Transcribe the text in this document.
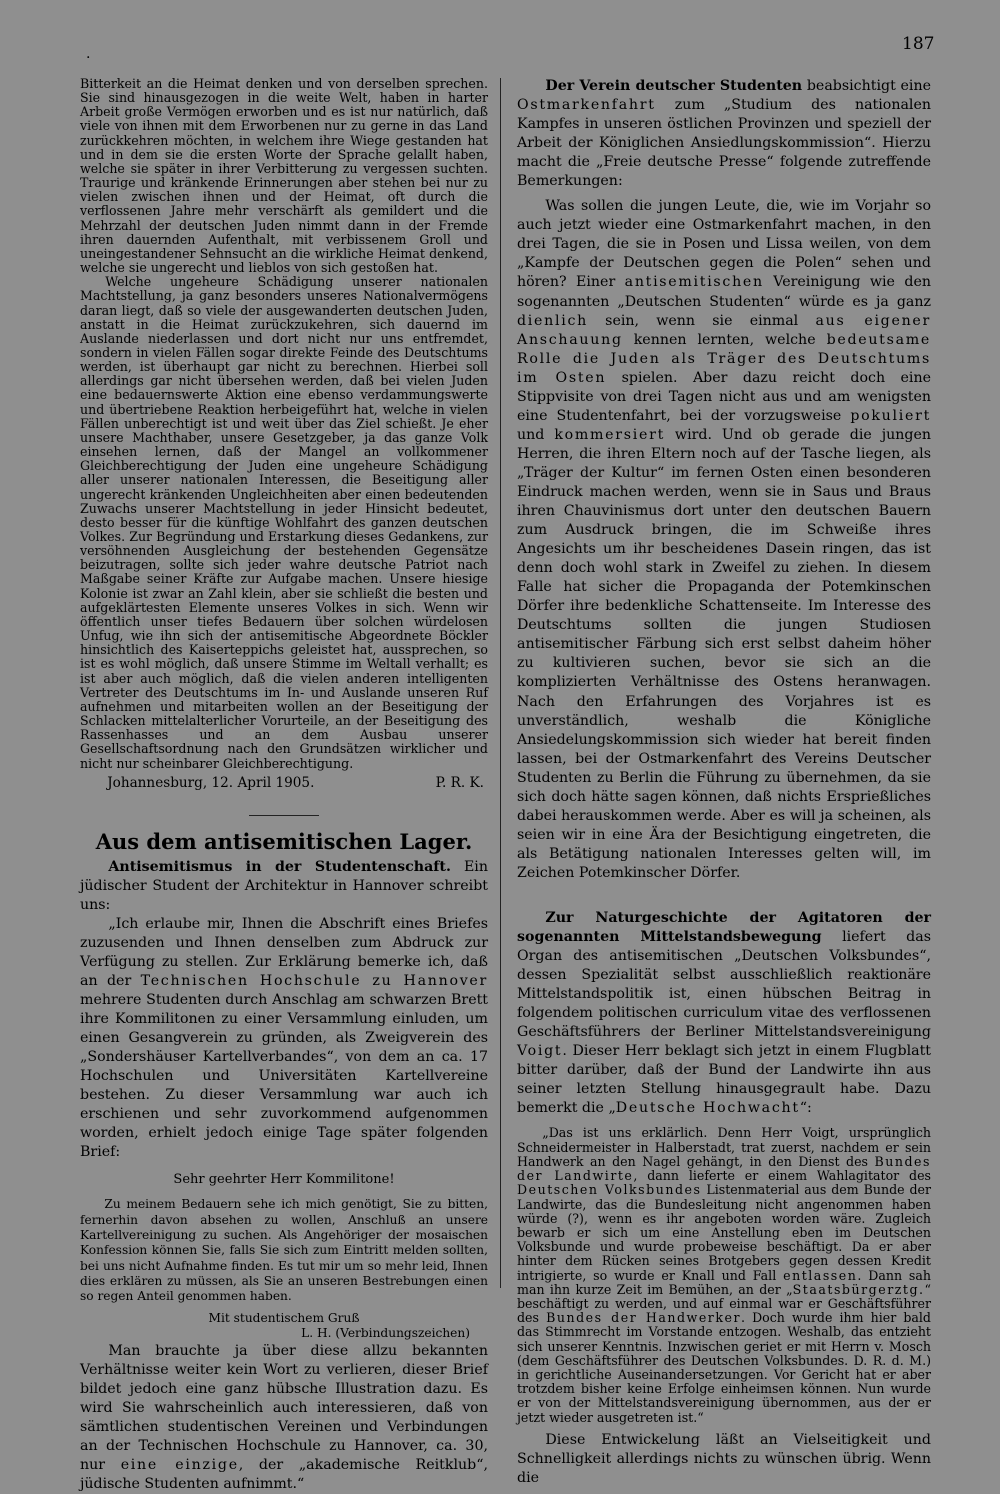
.	187

Bitterkeit an die Heimat denken und von derselben sprechen. Sie sind hinausgezogen in die weite Welt, haben in harter Arbeit große Vermögen erworben und es ist nur natürlich, daß viele von ihnen mit dem Erworbenen nur zu gerne in das Land zurückkehren möchten, in welchem ihre Wiege gestanden hat und in dem sie die ersten Worte der Sprache gelallt haben, welche sie später in ihrer Verbitterung zu vergessen suchten. Traurige und kränkende Erinnerungen aber stehen bei nur zu vielen zwischen ihnen und der Heimat, oft durch die verflossenen Jahre mehr verschärft als gemildert und die Mehrzahl der deutschen Juden nimmt dann in der Fremde ihren dauernden Aufenthalt, mit verbissenem Groll und uneingestandener Sehnsucht an die wirkliche Heimat denkend, welche sie ungerecht und lieblos von sich gestoßen hat.

Welche ungeheure Schädigung unserer nationalen Machtstellung, ja ganz besonders unseres Nationalvermögens daran liegt, daß so viele der ausgewanderten deutschen Juden, anstatt in die Heimat zurückzukehren, sich dauernd im Auslande niederlassen und dort nicht nur uns entfremdet, sondern in vielen Fällen sogar direkte Feinde des Deutschtums werden, ist überhaupt gar nicht zu berechnen. Hierbei soll allerdings gar nicht übersehen werden, daß bei vielen Juden eine bedauernswerte Aktion eine ebenso verdammungswerte und übertriebene Reaktion herbeigeführt hat, welche in vielen Fällen unberechtigt ist und weit über das Ziel schießt. Je eher unsere Machthaber, unsere Gesetzgeber, ja das ganze Volk einsehen lernen, daß der Mangel an vollkommener Gleichberechtigung der Juden eine ungeheure Schädigung aller unserer nationalen Interessen, die Beseitigung aller ungerecht kränkenden Ungleichheiten aber einen bedeutenden Zuwachs unserer Machtstellung in jeder Hinsicht bedeutet, desto besser für die künftige Wohlfahrt des ganzen deutschen Volkes. Zur Begründung und Erstarkung dieses Gedankens, zur versöhnenden Ausgleichung der bestehenden Gegensätze beizutragen, sollte sich jeder wahre deutsche Patriot nach Maßgabe seiner Kräfte zur Aufgabe machen. Unsere hiesige Kolonie ist zwar an Zahl klein, aber sie schließt die besten und aufgeklärtesten Elemente unseres Volkes in sich. Wenn wir öffentlich unser tiefes Bedauern über solchen würdelosen Unfug, wie ihn sich der antisemitische Abgeordnete Böckler hinsichtlich des Kaiserteppichs geleistet hat, aussprechen, so ist es wohl möglich, daß unsere Stimme im Weltall verhallt; es ist aber auch möglich, daß die vielen anderen intelligenten Vertreter des Deutschtums im In- und Auslande unseren Ruf aufnehmen und mitarbeiten wollen an der Beseitigung der Schlacken mittelalterlicher Vorurteile, an der Beseitigung des Rassenhasses und an dem Ausbau unserer Gesellschaftsordnung nach den Grundsätzen wirklicher und nicht nur scheinbarer Gleichberechtigung.

Johannesburg, 12. April 1905.	P. R. K.
Aus dem antisemitischen Lager.

Antisemitismus in der Studentenschaft. Ein jüdischer Student der Architektur in Hannover schreibt uns:

„Ich erlaube mir, Ihnen die Abschrift eines Briefes zuzusenden und Ihnen denselben zum Abdruck zur Verfügung zu stellen. Zur Erklärung bemerke ich, daß an der Technischen Hochschule zu Hannover mehrere Studenten durch Anschlag am schwarzen Brett ihre Kommilitonen zu einer Versammlung einluden, um einen Gesangverein zu gründen, als Zweigverein des „Sondershäuser Kartellverbandes“, von dem an ca. 17 Hochschulen und Universitäten Kartellvereine bestehen. Zu dieser Versammlung war auch ich erschienen und sehr zuvorkommend aufgenommen worden, erhielt jedoch einige Tage später folgenden Brief:

Sehr geehrter Herr Kommilitone!

Zu meinem Bedauern sehe ich mich genötigt, Sie zu bitten, fernerhin davon absehen zu wollen, Anschluß an unsere Kartellvereinigung zu suchen. Als Angehöriger der mosaischen Konfession können Sie, falls Sie sich zum Eintritt melden sollten, bei uns nicht Aufnahme finden. Es tut mir um so mehr leid, Ihnen dies erklären zu müssen, als Sie an unseren Bestrebungen einen so regen Anteil genommen haben.

Mit studentischem Gruß
L. H. (Verbindungszeichen)

Man brauchte ja über diese allzu bekannten Verhältnisse weiter kein Wort zu verlieren, dieser Brief bildet jedoch eine ganz hübsche Illustration dazu. Es wird Sie wahrscheinlich auch interessieren, daß von sämtlichen studentischen Vereinen und Verbindungen an der Technischen Hochschule zu Hannover, ca. 30, nur eine einzige, der „akademische Reitklub“, jüdische Studenten aufnimmt.“

Der Verein deutscher Studenten beabsichtigt eine Ostmarkenfahrt zum „Studium des nationalen Kampfes in unseren östlichen Provinzen und speziell der Arbeit der Königlichen Ansiedlungskommission“. Hierzu macht die „Freie deutsche Presse“ folgende zutreffende Bemerkungen:

Was sollen die jungen Leute, die, wie im Vorjahr so auch jetzt wieder eine Ostmarkenfahrt machen, in den drei Tagen, die sie in Posen und Lissa weilen, von dem „Kampfe der Deutschen gegen die Polen“ sehen und hören? Einer antisemitischen Vereinigung wie den sogenannten „Deutschen Studenten“ würde es ja ganz dienlich sein, wenn sie einmal aus eigener Anschauung kennen lernten, welche bedeutsame Rolle die Juden als Träger des Deutschtums im Osten spielen. Aber dazu reicht doch eine Stippvisite von drei Tagen nicht aus und am wenigsten eine Studentenfahrt, bei der vorzugsweise pokuliert und kommersiert wird. Und ob gerade die jungen Herren, die ihren Eltern noch auf der Tasche liegen, als „Träger der Kultur“ im fernen Osten einen besonderen Eindruck machen werden, wenn sie in Saus und Braus ihren Chauvinismus dort unter den deutschen Bauern zum Ausdruck bringen, die im Schweiße ihres Angesichts um ihr bescheidenes Dasein ringen, das ist denn doch wohl stark in Zweifel zu ziehen. In diesem Falle hat sicher die Propaganda der Potemkinschen Dörfer ihre bedenkliche Schattenseite. Im Interesse des Deutschtums sollten die jungen Studiosen antisemitischer Färbung sich erst selbst daheim höher zu kultivieren suchen, bevor sie sich an die komplizierten Verhältnisse des Ostens heranwagen. Nach den Erfahrungen des Vorjahres ist es unverständlich, weshalb die Königliche Ansiedelungskommission sich wieder hat bereit finden lassen, bei der Ostmarkenfahrt des Vereins Deutscher Studenten zu Berlin die Führung zu übernehmen, da sie sich doch hätte sagen können, daß nichts Ersprießliches dabei herauskommen werde. Aber es will ja scheinen, als seien wir in eine Ära der Besichtigung eingetreten, die als Betätigung nationalen Interesses gelten will, im Zeichen Potemkinscher Dörfer.

Zur Naturgeschichte der Agitatoren der sogenannten Mittelstandsbewegung liefert das Organ des antisemitischen „Deutschen Volksbundes“, dessen Spezialität selbst ausschließlich reaktionäre Mittelstandspolitik ist, einen hübschen Beitrag in folgendem politischen curriculum vitae des verflossenen Geschäftsführers der Berliner Mittelstandsvereinigung Voigt. Dieser Herr beklagt sich jetzt in einem Flugblatt bitter darüber, daß der Bund der Landwirte ihn aus seiner letzten Stellung hinausgegrault habe. Dazu bemerkt die „Deutsche Hochwacht“:

„Das ist uns erklärlich. Denn Herr Voigt, ursprünglich Schneidermeister in Halberstadt, trat zuerst, nachdem er sein Handwerk an den Nagel gehängt, in den Dienst des Bundes der Landwirte, dann lieferte er einem Wahlagitator des Deutschen Volksbundes Listenmaterial aus dem Bunde der Landwirte, das die Bundesleitung nicht angenommen haben würde (?), wenn es ihr angeboten worden wäre. Zugleich bewarb er sich um eine Anstellung eben im Deutschen Volksbunde und wurde probeweise beschäftigt. Da er aber hinter dem Rücken seines Brotgebers gegen dessen Kredit intrigierte, so wurde er Knall und Fall entlassen. Dann sah man ihn kurze Zeit im Bemühen, an der „Staatsbürgerztg.“ beschäftigt zu werden, und auf einmal war er Geschäftsführer des Bundes der Handwerker. Doch wurde ihm hier bald das Stimmrecht im Vorstande entzogen. Weshalb, das entzieht sich unserer Kenntnis. Inzwischen geriet er mit Herrn v. Mosch (dem Geschäftsführer des Deutschen Volksbundes. D. R. d. M.) in gerichtliche Auseinandersetzungen. Vor Gericht hat er aber trotzdem bisher keine Erfolge einheimsen können. Nun wurde er von der Mittelstandsvereinigung übernommen, aus der er jetzt wieder ausgetreten ist.“

Diese Entwickelung läßt an Vielseitigkeit und Schnelligkeit allerdings nichts zu wünschen übrig. Wenn die
